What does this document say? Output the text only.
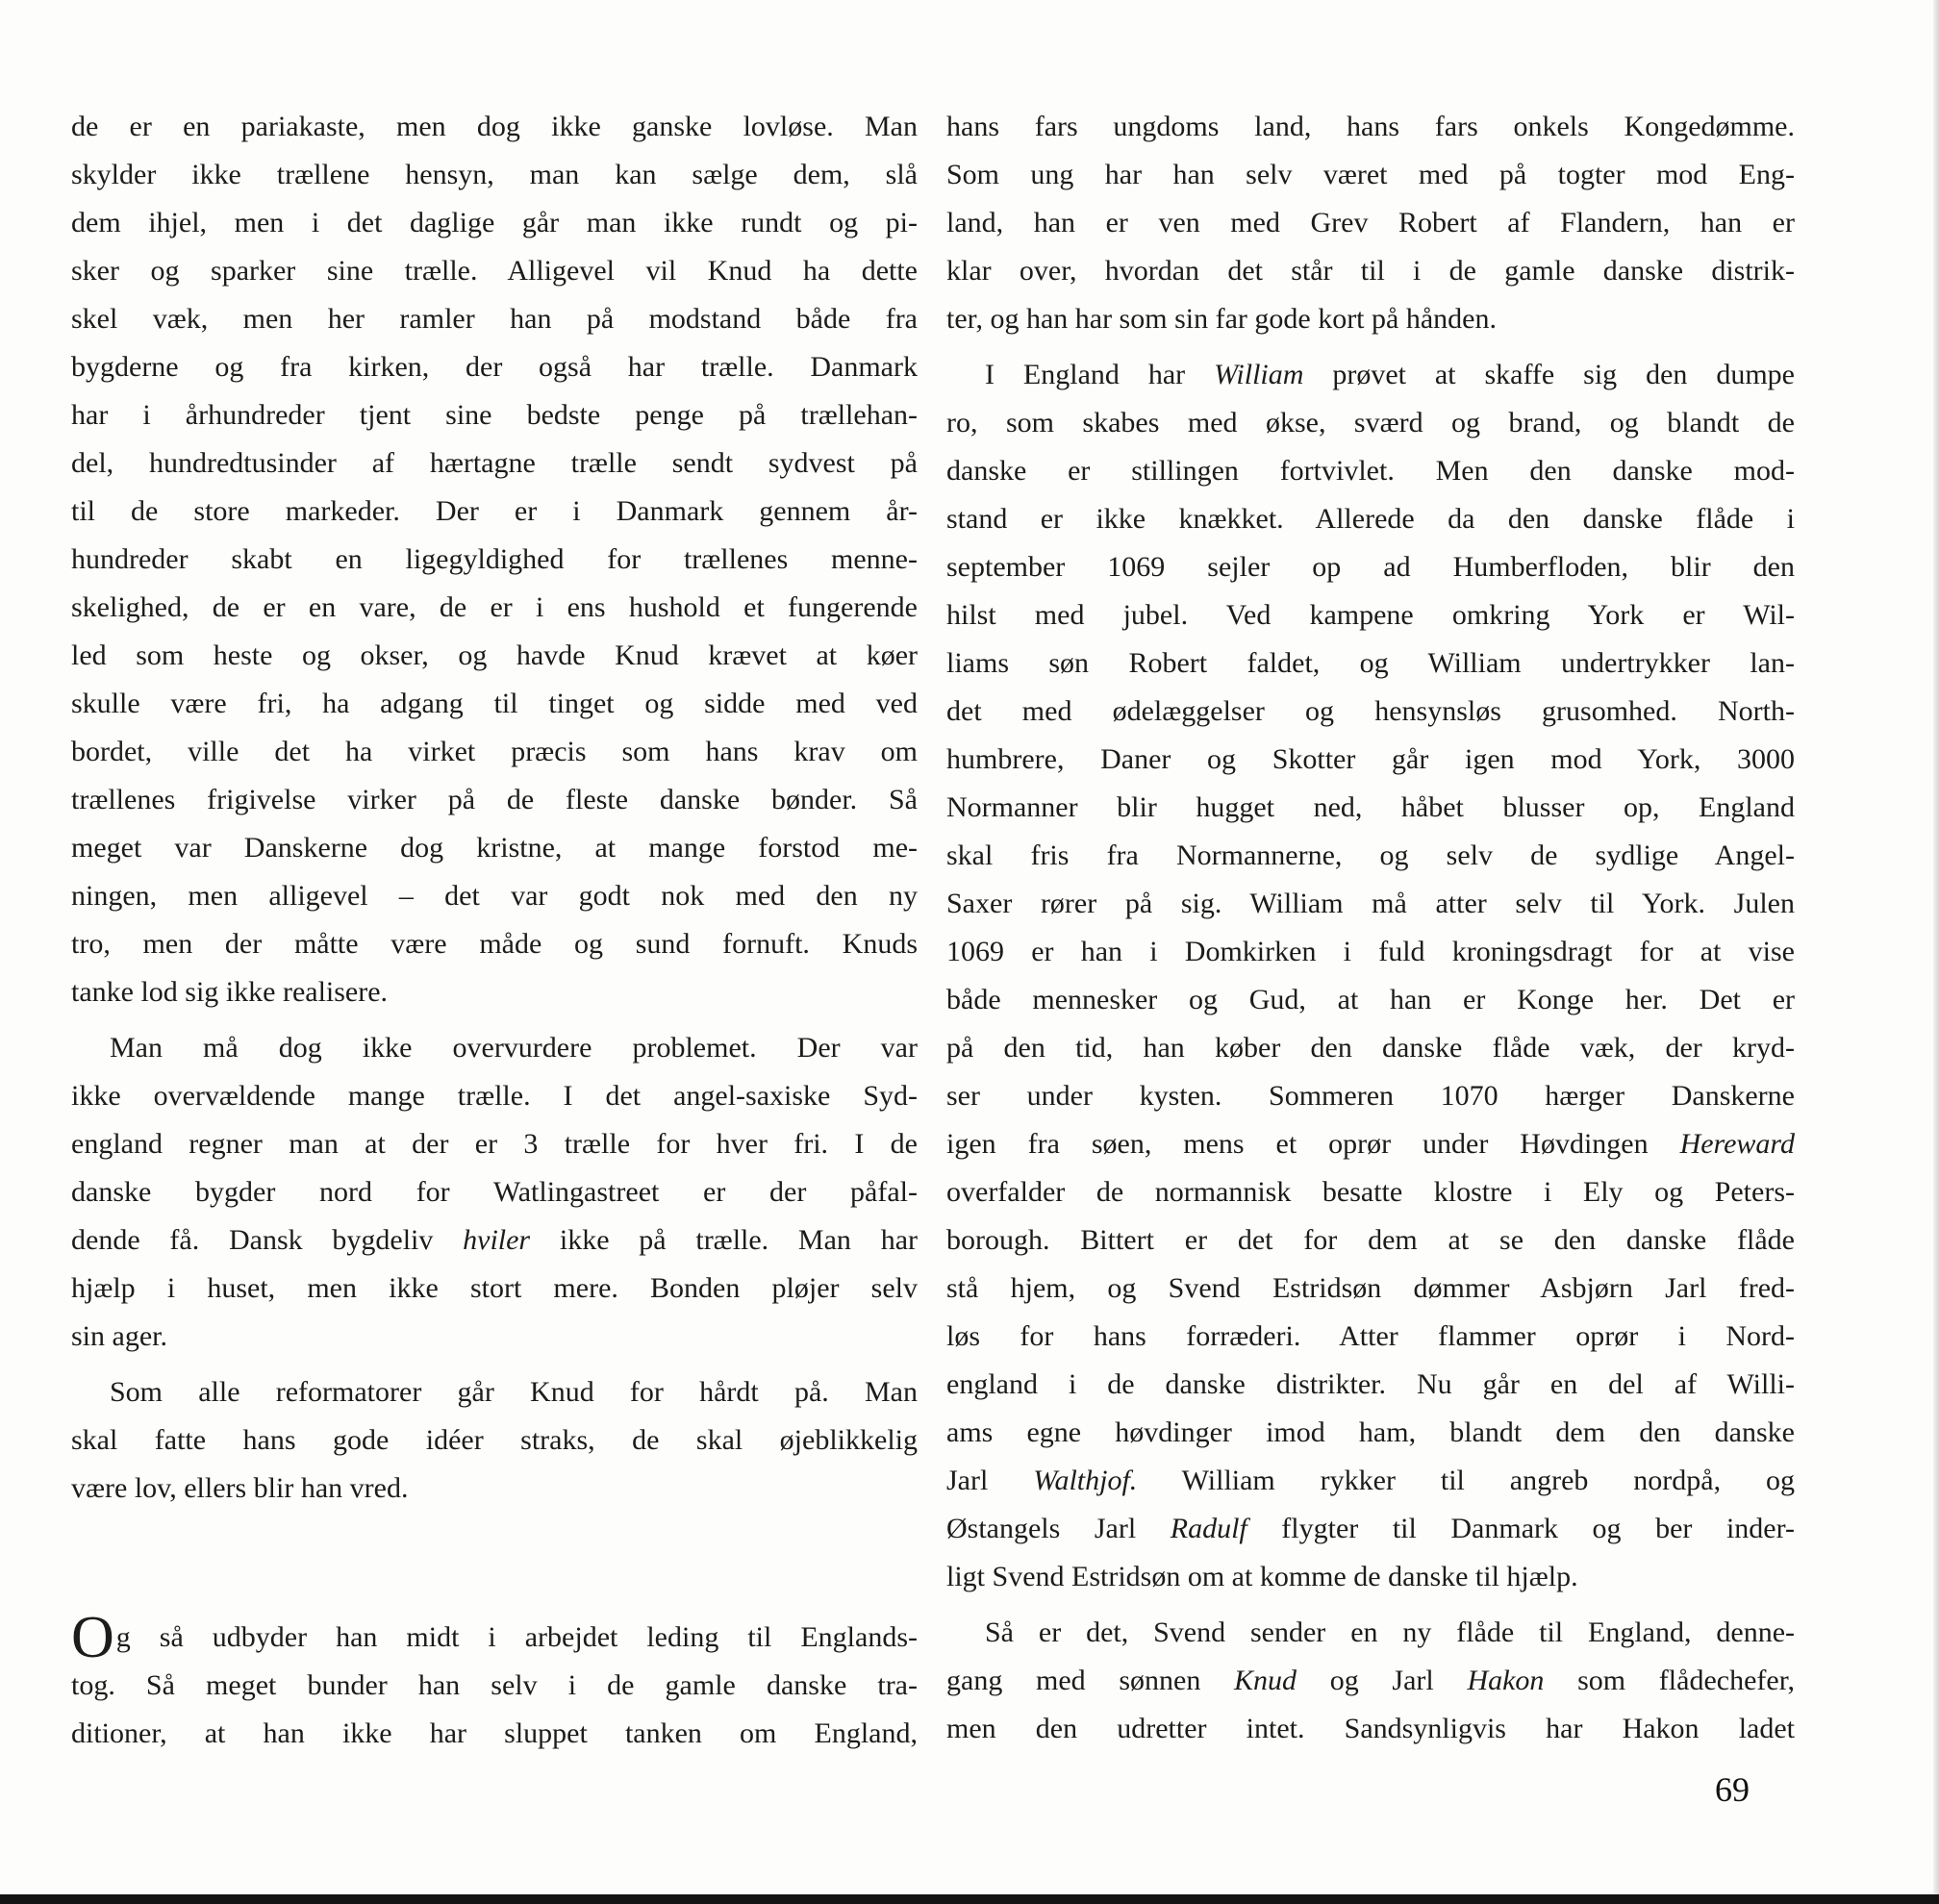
de er en pariakaste, men dog ikke ganske lovløse. Man
skylder ikke trællene hensyn, man kan sælge dem, slå
dem ihjel, men i det daglige går man ikke rundt og pi-
sker og sparker sine trælle. Alligevel vil Knud ha dette
skel væk, men her ramler han på modstand både fra
bygderne og fra kirken, der også har trælle. Danmark
har i århundreder tjent sine bedste penge på trællehan-
del, hundredtusinder af hærtagne trælle sendt sydvest på
til de store markeder. Der er i Danmark gennem år-
hundreder skabt en ligegyldighed for trællenes menne-
skelighed, de er en vare, de er i ens hushold et fungerende
led som heste og okser, og havde Knud krævet at køer
skulle være fri, ha adgang til tinget og sidde med ved
bordet, ville det ha virket præcis som hans krav om
trællenes frigivelse virker på de fleste danske bønder. Så
meget var Danskerne dog kristne, at mange forstod me-
ningen, men alligevel – det var godt nok med den ny
tro, men der måtte være måde og sund fornuft. Knuds
tanke lod sig ikke realisere.
Man må dog ikke overvurdere problemet. Der var
ikke overvældende mange trælle. I det angel-saxiske Syd-
england regner man at der er 3 trælle for hver fri. I de
danske bygder nord for Watlingastreet er der påfal-
dende få. Dansk bygdeliv hviler ikke på trælle. Man har
hjælp i huset, men ikke stort mere. Bonden pløjer selv
sin ager.
Som alle reformatorer går Knud for hårdt på. Man
skal fatte hans gode idéer straks, de skal øjeblikkelig
være lov, ellers blir han vred.
O g så udbyder han midt i arbejdet leding til Englands-
tog. Så meget bunder han selv i de gamle danske tra-
ditioner, at han ikke har sluppet tanken om England,
hans fars ungdoms land, hans fars onkels Kongedømme.
Som ung har han selv været med på togter mod Eng-
land, han er ven med Grev Robert af Flandern, han er
klar over, hvordan det står til i de gamle danske distrik-
ter, og han har som sin far gode kort på hånden.
I England har William prøvet at skaffe sig den dumpe
ro, som skabes med økse, sværd og brand, og blandt de
danske er stillingen fortvivlet. Men den danske mod-
stand er ikke knækket. Allerede da den danske flåde i
september 1069 sejler op ad Humberfloden, blir den
hilst med jubel. Ved kampene omkring York er Wil-
liams søn Robert faldet, og William undertrykker lan-
det med ødelæggelser og hensynsløs grusomhed. North-
humbrere, Daner og Skotter går igen mod York, 3000
Normanner blir hugget ned, håbet blusser op, England
skal fris fra Normannerne, og selv de sydlige Angel-
Saxer rører på sig. William må atter selv til York. Julen
1069 er han i Domkirken i fuld kroningsdragt for at vise
både mennesker og Gud, at han er Konge her. Det er
på den tid, han køber den danske flåde væk, der kryd-
ser under kysten. Sommeren 1070 hærger Danskerne
igen fra søen, mens et oprør under Høvdingen Hereward
overfalder de normannisk besatte klostre i Ely og Peters-
borough. Bittert er det for dem at se den danske flåde
stå hjem, og Svend Estridsøn dømmer Asbjørn Jarl fred-
løs for hans forræderi. Atter flammer oprør i Nord-
england i de danske distrikter. Nu går en del af Willi-
ams egne høvdinger imod ham, blandt dem den danske
Jarl Walthjof. William rykker til angreb nordpå, og
Østangels Jarl Radulf flygter til Danmark og ber inder-
ligt Svend Estridsøn om at komme de danske til hjælp.
Så er det, Svend sender en ny flåde til England, denne-
gang med sønnen Knud og Jarl Hakon som flådechefer,
men den udretter intet. Sandsynligvis har Hakon ladet
69
